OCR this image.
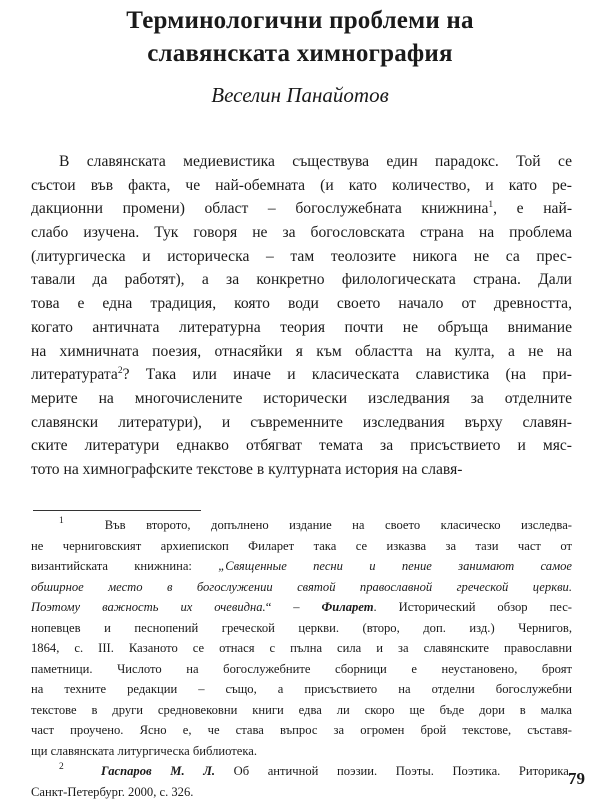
Терминологични проблеми на
славянската химнография
Веселин Панайотов
В славянската медиевистика съществува един парадокс. Той се
състои във факта, че най-обемната (и като количество, и като ре-
дакционни промени) област – богослужебната книжнина$^1$, е най-
слабо изучена. Тук говоря не за богословската страна на проблема
(литургическа и историческа – там теолозите никога не са прес-
тавали да работят), а за конкретно филологическата страна. Дали
това е една традиция, която води своето начало от древността,
когато античната литературна теория почти не обръща внимание
на химничната поезия, отнасяйки я към областта на култа, а не на
литературата$^2$? Така или иначе и класическата славистика (на при-
мерите на многочислените исторически изследвания за отделните
славянски литератури), и съвременните изследвания върху славян-
ските литератури еднакво отбягват темата за присъствието и мяс-
тото на химнографските текстове в културната история на славя-
$^1$	Във второто, допълнено издание на своето класическо изследва-
не черниговският архиепископ Филарет така се изказва за тази част от
византийската книжнина: „Священные песни и пение занимают самое
обширное место в богослужении святой православной греческой церкви.
Поэтому важность их очевидна.“ – Филарет. Исторический обзор пес-
нопевцев и песнопений греческой церкви. (второ, доп. изд.) Чернигов,
1864, с. III. Казаното се отнася с пълна сила и за славянските православни
паметници. Числото на богослужебните сборници е неустановено, броят
на техните редакции – също, а присъствието на отделни богослужебни
текстове в други средновековни книги едва ли скоро ще бъде дори в малка
част проучено. Ясно е, че става въпрос за огромен брой текстове, съставя-
щи славянската литургическа библиотека.
$^2$	Гаспаров М. Л. Об античной поэзии. Поэты. Поэтика. Риторика.
Санкт-Петербург. 2000, с. 326.
79
